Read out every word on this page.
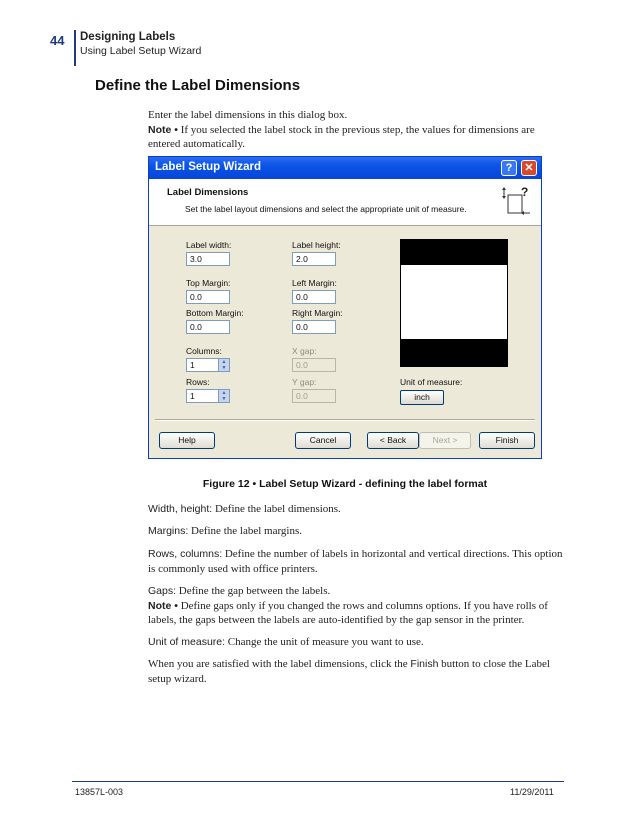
44 Designing Labels
Using Label Setup Wizard
Define the Label Dimensions
Enter the label dimensions in this dialog box.
Note • If you selected the label stock in the previous step, the values for dimensions are entered automatically.
Label Setup Wizard	?	✕
Label Dimensions
Set the label layout dimensions and select the appropriate unit of measure.
?
Label width:
3.0
Top Margin:
0.0
Bottom Margin:
0.0
Columns:
1	▲
▼
Rows:
1	▲
▼
Label height:
2.0
Left Margin:
0.0
Right Margin:
0.0
X gap:
0.0
Y gap:
0.0
Unit of measure:
inch
Help	Cancel	< Back	Next >	Finish
Figure 12 • Label Setup Wizard - defining the label format
Width, height: Define the label dimensions.
Margins: Define the label margins.
Rows, columns: Define the number of labels in horizontal and vertical directions. This option is commonly used with office printers.
Gaps: Define the gap between the labels.
Note • Define gaps only if you changed the rows and columns options. If you have rolls of labels, the gaps between the labels are auto-identified by the gap sensor in the printer.
Unit of measure: Change the unit of measure you want to use.
When you are satisfied with the label dimensions, click the Finish button to close the Label setup wizard.
13857L-003	11/29/2011
